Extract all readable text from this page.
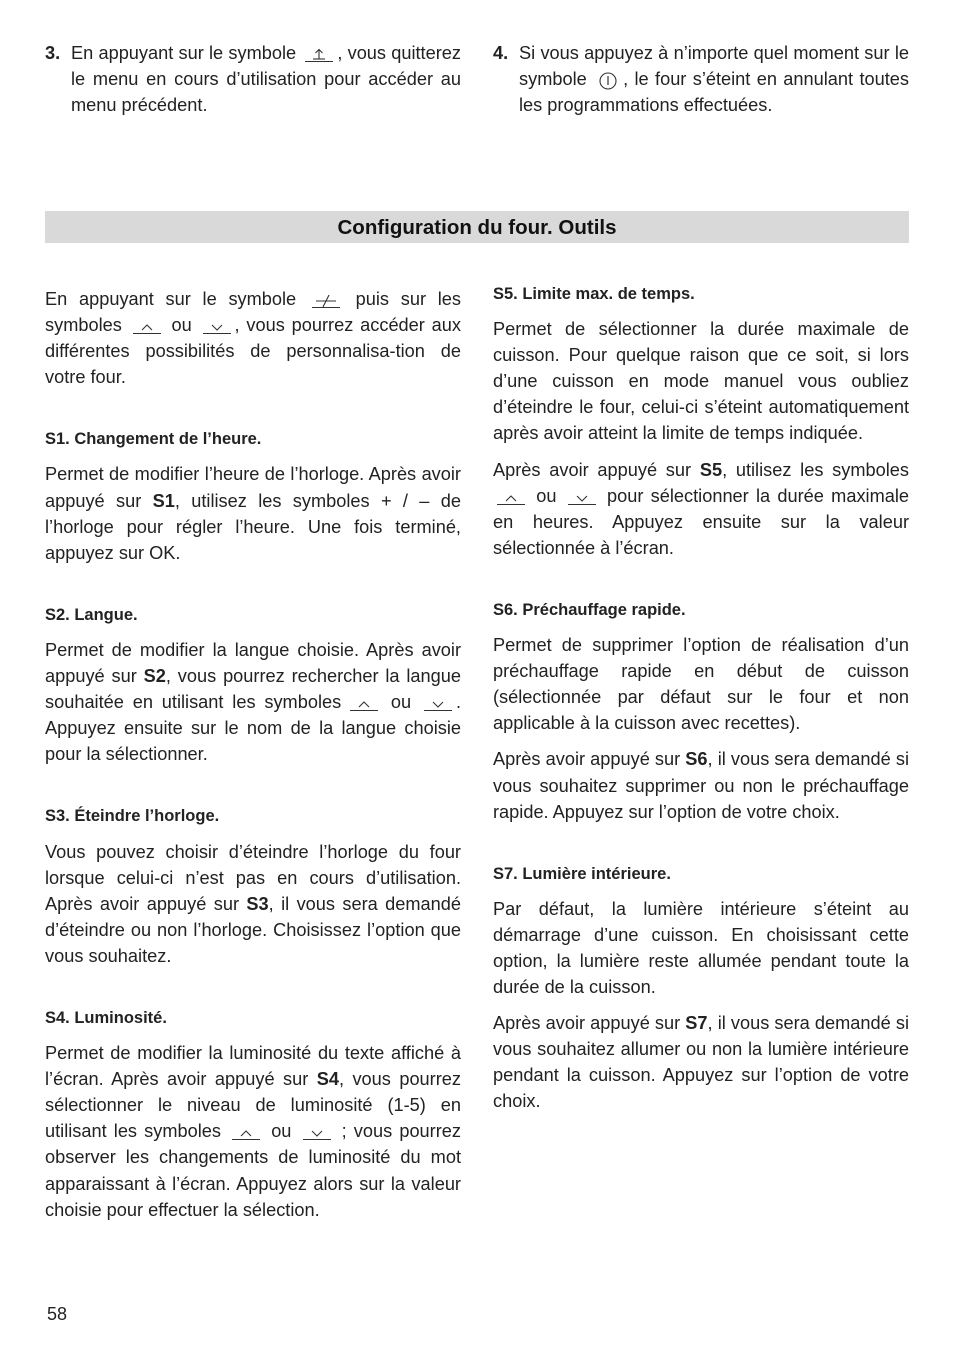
3. En appuyant sur le symbole
, vous quitterez le menu en cours d’utilisation pour accéder au menu précédent.

4. Si vous appuyez à n’importe quel moment sur le symbole
, le four s’éteint en annulant toutes les programmations effectuées.

Configuration du four. Outils

En appuyant sur le symbole
puis sur les symboles
ou
, vous pourrez accéder aux différentes possibilités de personnalisa-tion de votre four.

S1. Changement de l’heure.

Permet de modifier l’heure de l’horloge. Après avoir appuyé sur S1, utilisez les symboles + / – de l’horloge pour régler l’heure. Une fois terminé, appuyez sur OK.

S2. Langue.

Permet de modifier la langue choisie. Après avoir appuyé sur S2, vous pourrez rechercher la langue souhaitée en utilisant les symboles
ou
. Appuyez ensuite sur le nom de la langue choisie pour la sélectionner.

S3. Éteindre l’horloge.

Vous pouvez choisir d’éteindre l’horloge du four lorsque celui-ci n’est pas en cours d’utilisation. Après avoir appuyé sur S3, il vous sera demandé d’éteindre ou non l’horloge. Choisissez l’option que vous souhaitez.

S4. Luminosité.

Permet de modifier la luminosité du texte affiché à l’écran. Après avoir appuyé sur S4, vous pourrez sélectionner le niveau de luminosité (1-5) en utilisant les symboles
ou
; vous pourrez observer les changements de luminosité du mot apparaissant à l’écran. Appuyez alors sur la valeur choisie pour effectuer la sélection.

S5. Limite max. de temps.

Permet de sélectionner la durée maximale de cuisson. Pour quelque raison que ce soit, si lors d’une cuisson en mode manuel vous oubliez d’éteindre le four, celui-ci s’éteint automatiquement après avoir atteint la limite de temps indiquée.

Après avoir appuyé sur S5, utilisez les symboles
ou
pour sélectionner la durée maximale en heures. Appuyez ensuite sur la valeur sélectionnée à l’écran.

S6. Préchauffage rapide.

Permet de supprimer l’option de réalisation d’un préchauffage rapide en début de cuisson (sélectionnée par défaut sur le four et non applicable à la cuisson avec recettes).

Après avoir appuyé sur S6, il vous sera demandé si vous souhaitez supprimer ou non le préchauffage rapide. Appuyez sur l’option de votre choix.

S7. Lumière intérieure.

Par défaut, la lumière intérieure s’éteint au démarrage d’une cuisson. En choisissant cette option, la lumière reste allumée pendant toute la durée de la cuisson.

Après avoir appuyé sur S7, il vous sera demandé si vous souhaitez allumer ou non la lumière intérieure pendant la cuisson. Appuyez sur l’option de votre choix.

58
